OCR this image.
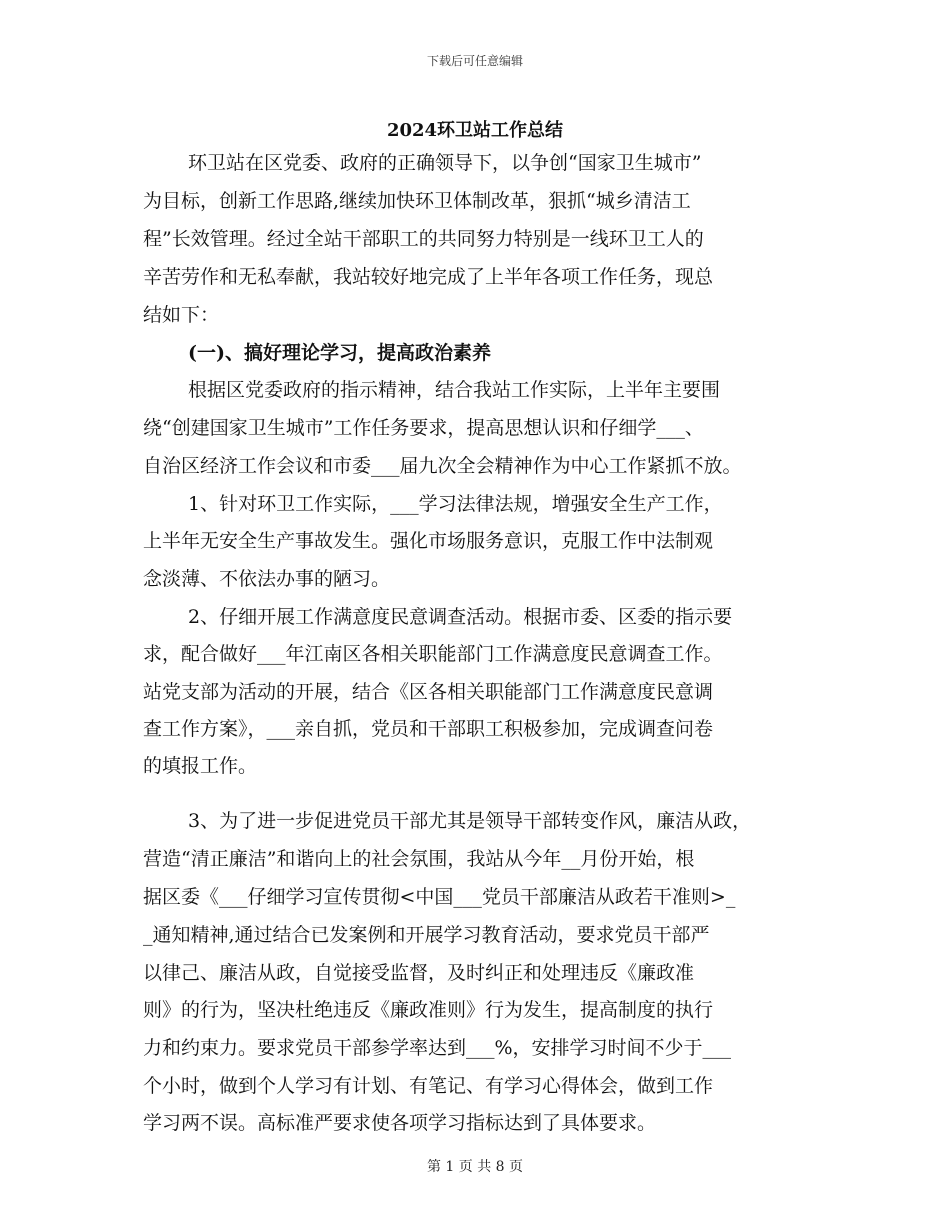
下载后可任意编辑
2024环卫站工作总结
环卫站在区党委、政府的正确领导下，以争创“国家卫生城市”
为目标，创新工作思路,继续加快环卫体制改革，狠抓“城乡清洁工
程”长效管理。经过全站干部职工的共同努力特别是一线环卫工人的
辛苦劳作和无私奉献，我站较好地完成了上半年各项工作任务，现总
结如下：
(一)、搞好理论学习，提高政治素养
根据区党委政府的指示精神，结合我站工作实际，上半年主要围
绕“创建国家卫生城市”工作任务要求，提高思想认识和仔细学___、
自治区经济工作会议和市委___届九次全会精神作为中心工作紧抓不放。
1、针对环卫工作实际，___学习法律法规，增强安全生产工作，
上半年无安全生产事故发生。强化市场服务意识，克服工作中法制观
念淡薄、不依法办事的陋习。
2、仔细开展工作满意度民意调查活动。根据市委、区委的指示要
求，配合做好___年江南区各相关职能部门工作满意度民意调查工作。
站党支部为活动的开展，结合《区各相关职能部门工作满意度民意调
查工作方案》，___亲自抓，党员和干部职工积极参加，完成调查问卷
的填报工作。
3、为了进一步促进党员干部尤其是领导干部转变作风，廉洁从政，
营造“清正廉洁”和谐向上的社会氛围，我站从今年__月份开始，根
据区委《___仔细学习宣传贯彻<中国___党员干部廉洁从政若干准则>_
_通知精神,通过结合已发案例和开展学习教育活动，要求党员干部严
以律己、廉洁从政，自觉接受监督，及时纠正和处理违反《廉政准
则》的行为，坚决杜绝违反《廉政准则》行为发生，提高制度的执行
力和约束力。要求党员干部参学率达到___%，安排学习时间不少于___
个小时，做到个人学习有计划、有笔记、有学习心得体会，做到工作
学习两不误。高标准严要求使各项学习指标达到了具体要求。
第 1 页 共 8 页
